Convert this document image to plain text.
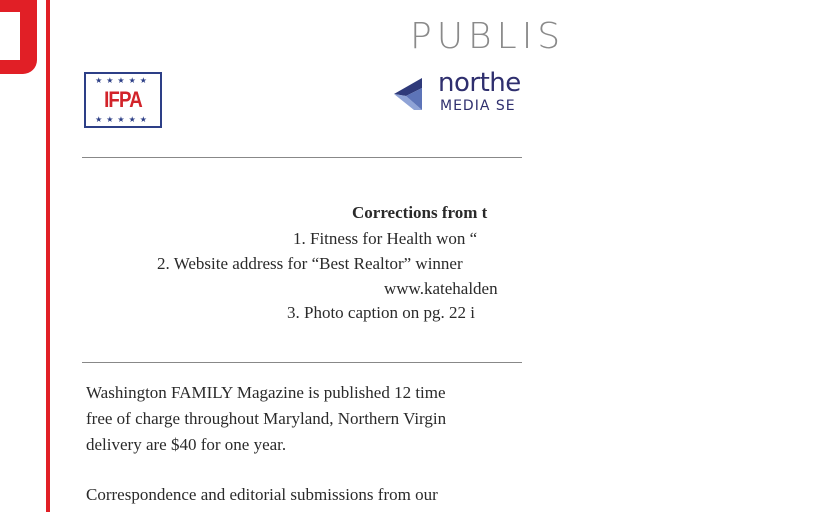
PUBLIS
★★★★★
IFPA
★★★★★
northe
MEDIA SE
Corrections from t
1. Fitness for Health won “
2. Website address for “Best Realtor” winner
www.katehalden
3. Photo caption on pg. 22 i
Washington FAMILY Magazine is published 12 time
free of charge throughout Maryland, Northern Virgin
delivery are $40 for one year.
Correspondence and editorial submissions from our
